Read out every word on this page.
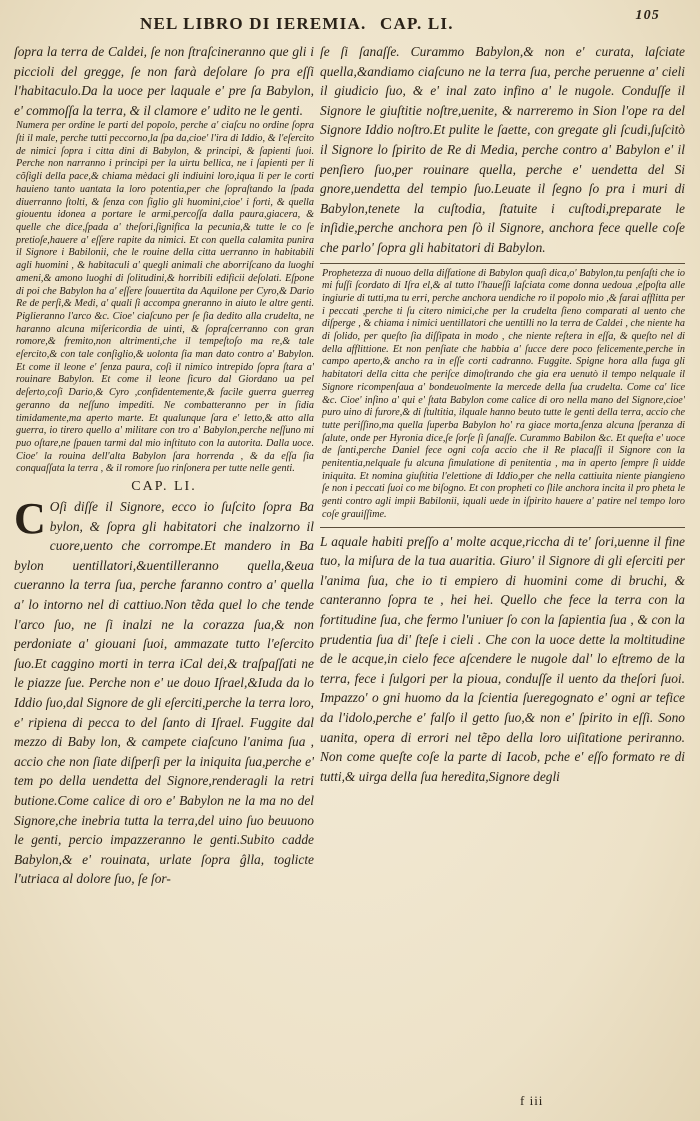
NEL LIBRO DI IEREMIA. CAP. LI.	105

ſopra la terra de Caldei, ſe non ſtraſcineranno que gli i piccioli del gregge, ſe non farà deſolare ſo pra eſſi l'habitaculo.Da la uoce per laquale e' pre ſa Babylon, e' commoſſa la terra, & il clamore e' udito ne le genti.

Numera per ordine le parti del popolo, perche a' ciaſcu no ordine ſopra ſti il male, perche tutti peccorno,la ſpa da,cioe' l'ira di Iddio, & l'eſercito de nimici ſopra i citta dini di Babylon, & principi, & ſapienti ſuoi. Perche non narranno i principi per la uirtu bellica, ne i ſapienti per li cõſigli della pace,& chiama mèdaci gli indiuini loro,iqua li per le corti hauieno tanto uantata la loro potentia,per che ſopraſtando la ſpada diuerranno ſtolti, & ſenza con ſiglio gli huomini,cioe' i forti, & quella giouentu idonea a portare le armi,percoſſa dalla paura,giacera, & quelle che dice,ſpada a' theſori,ſignifica la pecunia,& tutte le co ſe pretioſe,hauere a' eſſere rapite da nimici. Et con quella calamita punira il Signore i Babilonii, che le rouine della citta uerranno in habitabili agli huomini , & habitaculi a' quegli animali che aborriſcano da luoghi ameni,& amono luoghi di ſolitudini,& horribili edificii deſolati. Eſpone di poi che Babylon ha a' eſſere ſouuertita da Aquilone per Cyro,& Dario Re de perſi,& Medi, a' quali ſi accompa gneranno in aiuto le altre genti. Piglieranno l'arco &c. Cioe' ciaſcuno per ſe ſia dedito alla crudelta, ne haranno alcuna miſericordia de uinti, & ſopraſcerranno con gran romore,& fremito,non altrimenti,che il tempeſtoſo ma re,& tale eſercito,& con tale conſiglio,& uolonta ſia man dato contro a' Babylon. Et come il leone e' ſenza paura, coſi il nimico intrepido ſopra ſtara a' rouinare Babylon. Et come il leone ſicuro dal Giordano ua pel deſerto,coſi Dario,& Cyro ,confidentemente,& facile guerra guerreg geranno da neſſuno impediti. Ne combatteranno per in ſidia timidamente,ma aperto marte. Et qualunque ſara e' letto,& atto alla guerra, io tirero quello a' militare con tro a' Babylon,perche neſſuno mi puo oſtare,ne ſpauen tarmi dal mio inſtituto con la autorita. Dalla uoce. Cioe' la rouina dell'alta Babylon ſara horrenda , & da eſſa ſia conquaſſata la terra , & il romore ſuo rinſonera per tutte nelle genti.

CAP. LI.

C Oſi diſſe il Signore, ecco io ſuſcito ſopra Ba bylon, & ſopra gli habitatori che inalzorno il cuore,uento che corrompe.Et mandero in Ba bylon uentillatori,&uentilleranno quella,&eua cueranno la terra ſua, perche faranno contro a' quella a' lo intorno nel di cattiuo.Non tẽda quel lo che tende l'arco ſuo, ne ſi inalzi ne la corazza ſua,& non perdoniate a' giouani ſuoi, ammazate tutto l'eſercito ſuo.Et caggino morti in terra iCal dei,& traſpaſſati ne le piazze ſue. Perche non e' ue douo Iſrael,&Iuda da lo Iddio ſuo,dal Signore de gli eſerciti,perche la terra loro, e' ripiena di pecca to del ſanto di Iſrael. Fuggite dal mezzo di Baby lon, & campete ciaſcuno l'anima ſua , accio che non ſiate diſperſi per la iniquita ſua,perche e' tem po della uendetta del Signore,renderagli la retri butione.Come calice di oro e' Babylon ne la ma no del Signore,che inebria tutta la terra,del uino ſuo beuuono le genti, percio impazzeranno le genti.Subito cadde Babylon,& e' rouinata, urlate ſopra ĝlla, toglicte l'utriaca al dolore ſuo, ſe ſor-

ſe ſi ſanaſſe. Curammo Babylon,& non e' curata, laſciate quella,&andiamo ciaſcuno ne la terra ſua, perche peruenne a' cieli il giudicio ſuo, & e' inal zato infino a' le nugole. Conduſſe il Signore le giuſtitie noſtre,uenite, & narreremo in Sion l'ope ra del Signore Iddio noſtro.Et pulite le ſaette, con gregate gli ſcudi,ſuſcitò il Signore lo ſpirito de Re di Media, perche contro a' Babylon e' il penſiero ſuo,per rouinare quella, perche e' uendetta del Si gnore,uendetta del tempio ſuo.Leuate il ſegno ſo pra i muri di Babylon,tenete la cuſtodia, ſtatuite i cuſtodi,preparate le inſidie,perche anchora pen ſò il Signore, anchora fece quelle coſe che parlo' ſopra gli habitatori di Babylon.

Prophetezza di nuouo della diſfatione di Babylon quaſi dica,o' Babylon,tu penſaſti che io mi fuſſi ſcordato di Iſra el,& al tutto l'haueſſi laſciata come donna uedoua ,eſpoſta alle ingiurie di tutti,ma tu erri, perche anchora uendiche ro il popolo mio ,& farai afflitta per i peccati ,perche ti ſu citero nimici,che per la crudelta ſieno comparati al uento che diſperge , & chiama i nimici uentillatori che uentilli no la terra de Caldei , che niente ha di ſolido, per queſto ſia diſſipata in modo , che niente reſtera in eſſa, & queſto nel di della afflittione. Et non penſiate che habbia a' ſucce dere poco felicemente,perche in campo aperto,& ancho ra in eſſe corti cadranno. Fuggite. Spigne hora alla fuga gli habitatori della citta che periſce dimoſtrando che gia era uenutò il tempo nelquale il Signore ricompenſaua a' bondeuolmente la mercede della ſua crudelta. Come ca' lice &c. Cioe' inſino a' qui e' ſtata Babylon come calice di oro nella mano del Signore,cioe' puro uino di furore,& di ſtultitia, ilquale hanno beuto tutte le genti della terra, accio che tutte periſſino,ma quella ſuperba Babylon ho' ra giace morta,ſenza alcuna ſperanza di ſalute, onde per Hyronia dice,ſe ſorſe ſi ſanaſſe. Curammo Babilon &c. Et queſta e' uoce de ſanti,perche Daniel fece ogni coſa accio che il Re placaſſi il Signore con la penitentia,nelquale fu alcuna ſimulatione di penitentia , ma in aperto ſempre ſi uidde iniquita. Et nomina giuſtitia l'elettione di Iddio,per che nella cattiuita niente piangieno ſe non i peccati ſuoi co me biſogno. Et con propheti co ſlile anchora incita il pro pheta le genti contro agli impii Babilonii, iquali uede in iſpirito hauere a' patire nel tempo loro coſe grauiſſime.

L aquale habiti preſſo a' molte acque,riccha di te' ſori,uenne il fine tuo, la miſura de la tua auaritia. Giuro' il Signore di gli eſerciti per l'anima ſua, che io ti empiero di huomini come di bruchi, & canteranno ſopra te , hei hei. Quello che fece la terra con la fortitudine ſua, che fermo l'uniuer ſo con la ſapientia ſua , & con la prudentia ſua di' ſteſe i cieli . Che con la uoce dette la moltitudine de le acque,in cielo fece aſcendere le nugole dal' lo eſtremo de la terra, fece i ſulgori per la pioua, conduſſe il uento da theſori ſuoi. Impazzo' o gni huomo da la ſcientia ſueregognato e' ogni ar tefice da l'idolo,perche e' falſo il getto ſuo,& non e' ſpirito in eſſi. Sono uanita, opera di errori nel tẽpo della loro uiſitatione periranno. Non come queſte coſe la parte di Iacob, pche e' eſſo formato re di tutti,& uirga della ſua heredita,Signore degli

f iii
